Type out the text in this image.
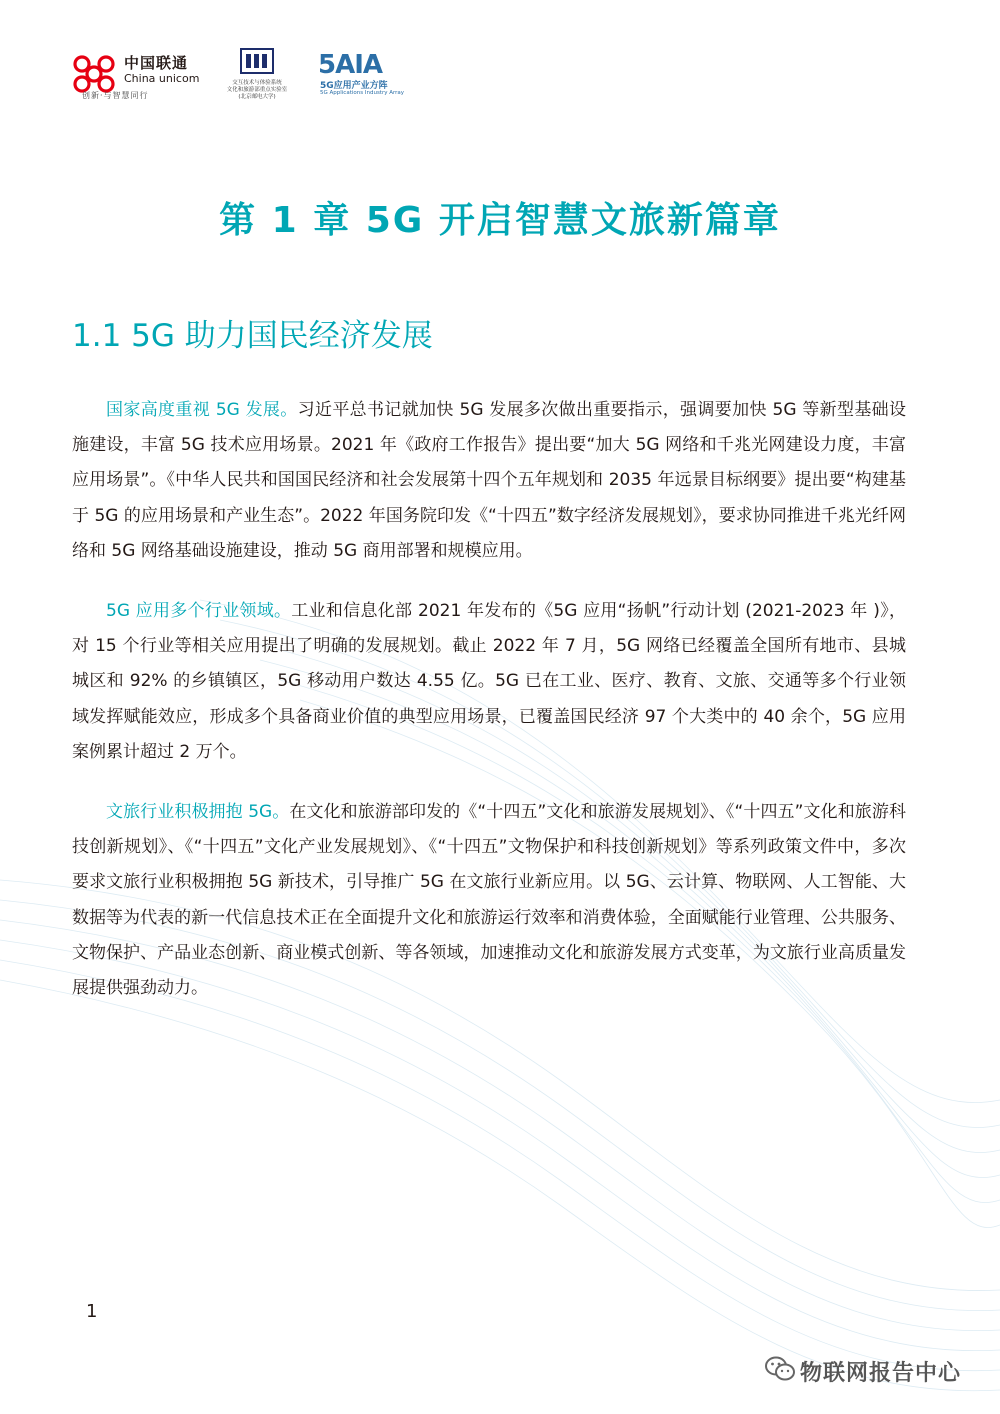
中国联通
China unicom
创新·与智慧同行
交互技术与体验系统
文化和旅游部重点实验室
(北京邮电大学)
5AIA
5G应用产业方阵
5G Applications Industry Array
第 1 章 5G 开启智慧文旅新篇章
1.1 5G 助力国民经济发展

国家高度重视 5G 发展。习近平总书记就加快 5G 发展多次做出重要指示，强调要加快 5G 等新型基础设施建设，丰富 5G 技术应用场景。2021 年《政府工作报告》提出要“加大 5G 网络和千兆光网建设力度，丰富应用场景”。《中华人民共和国国民经济和社会发展第十四个五年规划和 2035 年远景目标纲要》提出要“构建基于 5G 的应用场景和产业生态”。2022 年国务院印发《“十四五”数字经济发展规划》，要求协同推进千兆光纤网络和 5G 网络基础设施建设，推动 5G 商用部署和规模应用。

5G 应用多个行业领域。工业和信息化部 2021 年发布的《5G 应用“扬帆”行动计划 (2021-2023 年 )》，对 15 个行业等相关应用提出了明确的发展规划。截止 2022 年 7 月，5G 网络已经覆盖全国所有地市、县城城区和 92% 的乡镇镇区，5G 移动用户数达 4.55 亿。5G 已在工业、医疗、教育、文旅、交通等多个行业领域发挥赋能效应，形成多个具备商业价值的典型应用场景，已覆盖国民经济 97 个大类中的 40 余个，5G 应用案例累计超过 2 万个。

文旅行业积极拥抱 5G。在文化和旅游部印发的《“十四五”文化和旅游发展规划》、《“十四五”文化和旅游科技创新规划》、《“十四五”文化产业发展规划》、《“十四五”文物保护和科技创新规划》等系列政策文件中，多次要求文旅行业积极拥抱 5G 新技术，引导推广 5G 在文旅行业新应用。以 5G、云计算、物联网、人工智能、大数据等为代表的新一代信息技术正在全面提升文化和旅游运行效率和消费体验，全面赋能行业管理、公共服务、文物保护、产品业态创新、商业模式创新、等各领域，加速推动文化和旅游发展方式变革，为文旅行业高质量发展提供强劲动力。

1
物联网报告中心
